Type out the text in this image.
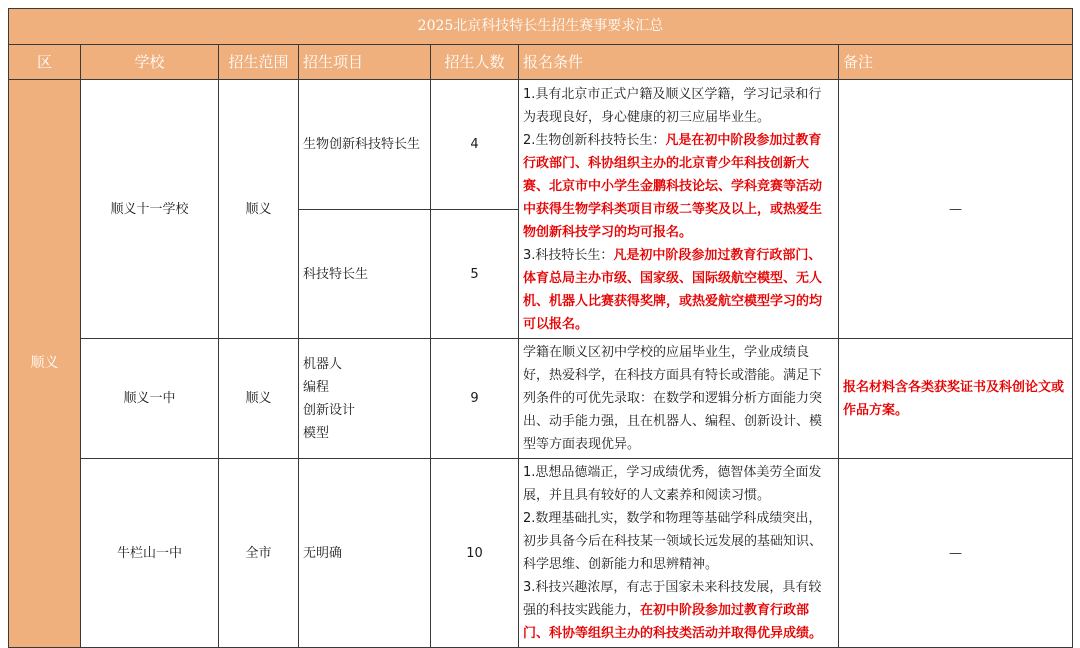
2025北京科技特长生招生赛事要求汇总						
区	学校	招生范围	招生项目	招生人数	报名条件	备注
顺义	顺义十一学校	顺义	生物创新科技特长生	4	1.具有北京市正式户籍及顺义区学籍，学习记录和行为表现良好，身心健康的初三应届毕业生。

2.生物创新科技特长生：凡是在初中阶段参加过教育行政部门、科协组织主办的北京青少年科技创新大赛、北京市中小学生金鹏科技论坛、学科竞赛等活动中获得生物学科类项目市级二等奖及以上，或热爱生物创新科技学习的均可报名。

3.科技特长生：凡是初中阶段参加过教育行政部门、体育总局主办市级、国家级、国际级航空模型、无人机、机器人比赛获得奖牌，或热爱航空模型学习的均可以报名。	—
			科技特长生	5		
	顺义一中	顺义	机器人
编程
创新设计
模型	9	学籍在顺义区初中学校的应届毕业生，学业成绩良好，热爱科学，在科技方面具有特长或潜能。满足下列条件的可优先录取：在数学和逻辑分析方面能力突出、动手能力强，且在机器人、编程、创新设计、模型等方面表现优异。	报名材料含各类获奖证书及科创论文或作品方案。
	牛栏山一中	全市	无明确	10	1.思想品德端正，学习成绩优秀，德智体美劳全面发展，并且具有较好的人文素养和阅读习惯。

2.数理基础扎实，数学和物理等基础学科成绩突出，初步具备今后在科技某一领域长远发展的基础知识、科学思维、创新能力和思辨精神。

3.科技兴趣浓厚，有志于国家未来科技发展，具有较强的科技实践能力，在初中阶段参加过教育行政部门、科协等组织主办的科技类活动并取得优异成绩。	—
